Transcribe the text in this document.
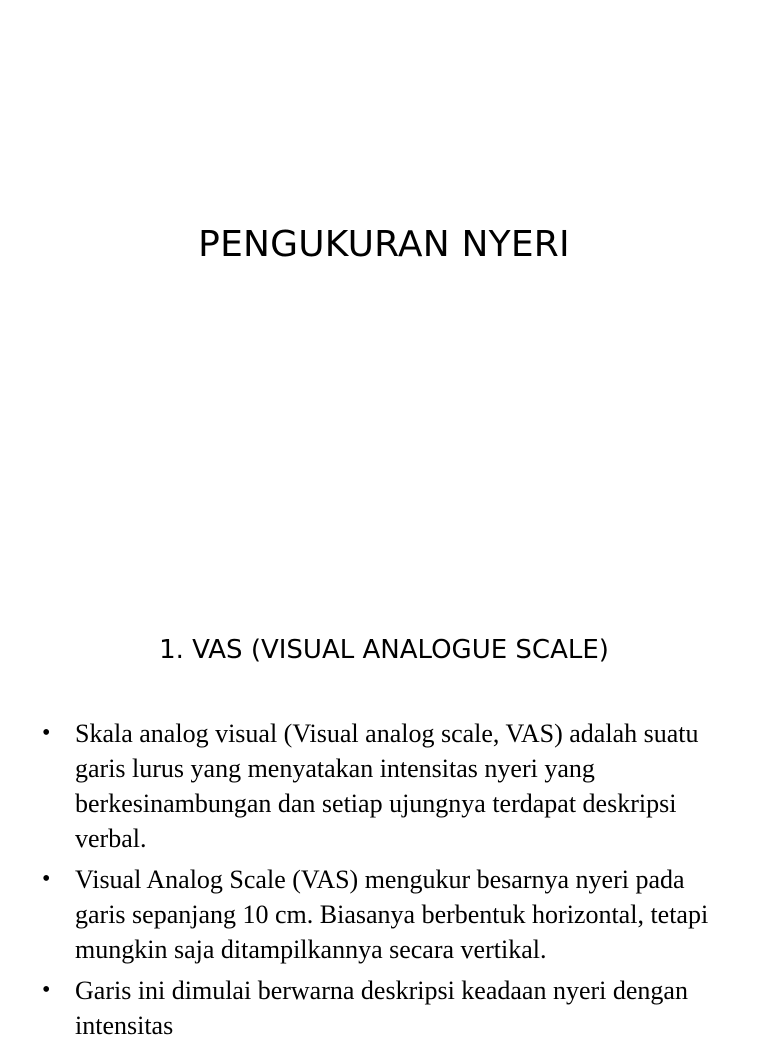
PENGUKURAN NYERI
1. VAS (VISUAL ANALOGUE SCALE)
• Skala analog visual (Visual analog scale, VAS) adalah suatu garis lurus yang menyatakan intensitas nyeri yang berkesinambungan dan setiap ujungnya terdapat deskripsi verbal.
• Visual Analog Scale (VAS) mengukur besarnya nyeri pada garis sepanjang 10 cm. Biasanya berbentuk horizontal, tetapi mungkin saja ditampilkannya secara vertikal.
• Garis ini dimulai berwarna deskripsi keadaan nyeri dengan intensitas
